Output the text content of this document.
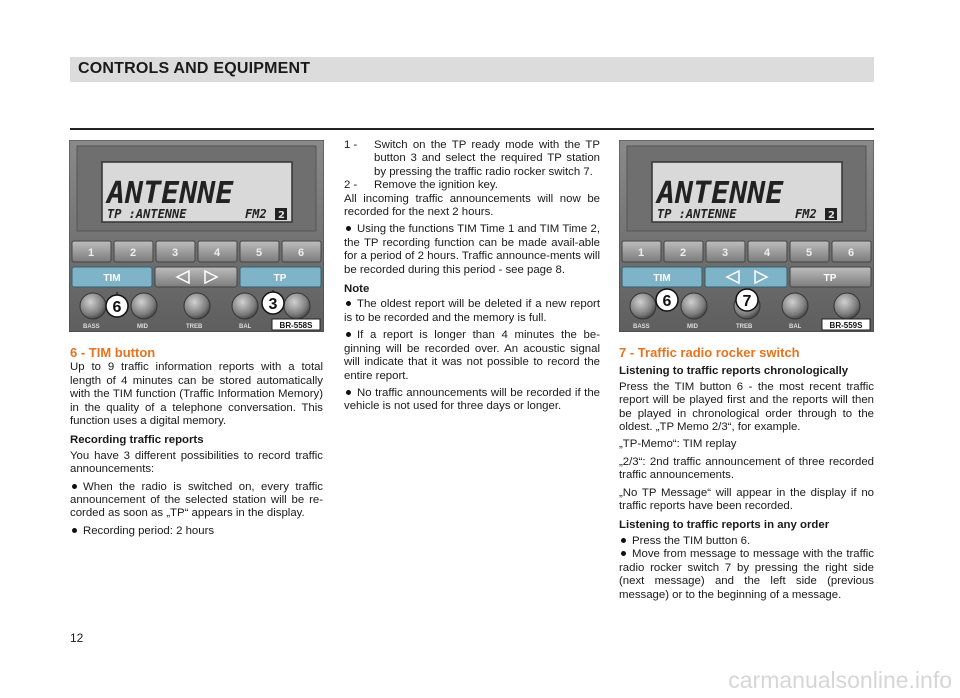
CONTROLS AND EQUIPMENT
ANTENNE
TP :ANTENNE	FM2 2
1	2	3	4	5	6
TIM	TP
BASS	MID	TREB	BAL	BR-558S
6	3
ANTENNE
TP :ANTENNE	FM2 2
1	2	3	4	5	6
TIM	TP
BASS	MID	TREB	BAL	BR-559S
6	7

6 - TIM button

Up to 9 traffic information reports with a total length of 4 minutes can be stored automatically with the TIM function (Traffic Information Memory) in the quality of a telephone conversation. This function uses a digital memory.

Recording traffic reports

You have 3 different possibilities to record traffic announcements:

When the radio is switched on, every traffic announcement of the selected station will be re-corded as soon as „TP“ appears in the display.

Recording period: 2 hours

1 -	Switch on the TP ready mode with the TP button 3 and select the required TP station by pressing the traffic radio rocker switch 7.
2 -	Remove the ignition key.

All incoming traffic announcements will now be recorded for the next 2 hours.

Using the functions TIM Time 1 and TIM Time 2, the TP recording function can be made avail-able for a period of 2 hours. Traffic announce-ments will be recorded during this period - see page 8.

Note

The oldest report will be deleted if a new report is to be recorded and the memory is full.

If a report is longer than 4 minutes the be-ginning will be recorded over. An acoustic signal will indicate that it was not possible to record the entire report.

No traffic announcements will be recorded if the vehicle is not used for three days or longer.

7 - Traffic radio rocker switch

Listening to traffic reports chronologically

Press the TIM button 6 - the most recent traffic report will be played first and the reports will then be played in chronological order through to the oldest. „TP Memo 2/3“, for example.

„TP-Memo“: TIM replay

„2/3“: 2nd traffic announcement of three recorded traffic announcements.

„No TP Message“ will appear in the display if no traffic reports have been recorded.

Listening to traffic reports in any order

Press the TIM button 6.

Move from message to message with the traffic radio rocker switch 7 by pressing the right side (next message) and the left side (previous message) or to the beginning of a message.

12
carmanualsonline.info
